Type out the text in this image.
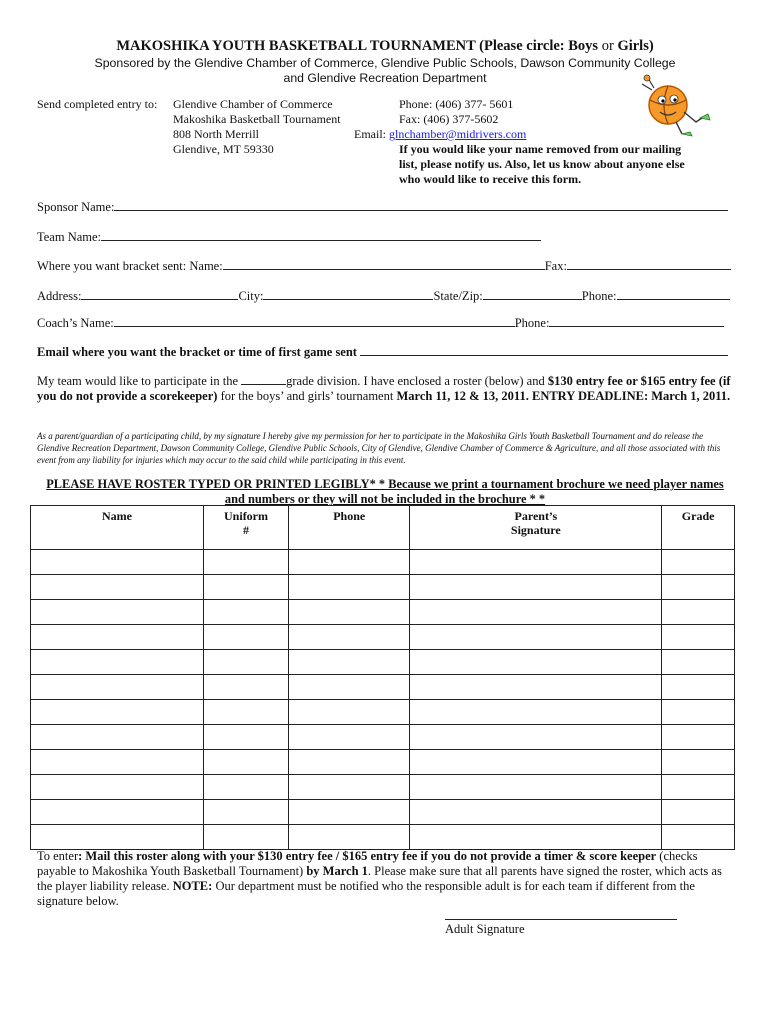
MAKOSHIKA YOUTH BASKETBALL TOURNAMENT (Please circle: Boys or Girls)
Sponsored by the Glendive Chamber of Commerce, Glendive Public Schools, Dawson Community College
and Glendive Recreation Department
Send completed entry to: Glendive Chamber of Commerce
Makoshika Basketball Tournament
808 North Merrill
Glendive, MT 59330
Phone: (406) 377- 5601
Fax: (406) 377-5602
Email: glnchamber@midrivers.com
If you would like your name removed from our mailing list, please notify us. Also, let us know about anyone else who would like to receive this form.
Sponsor Name:
Team Name:
Where you want bracket sent: Name:	Fax:
Address:	City:	State/Zip:	Phone:
Coach’s Name:	Phone:
Email where you want the bracket or time of first game sent
My team would like to participate in the	grade division. I have enclosed a roster (below) and $130 entry fee or $165 entry fee (if you do not provide a scorekeeper) for the boys’ and girls’ tournament March 11, 12 & 13, 2011. ENTRY DEADLINE: March 1, 2011.
As a parent/guardian of a participating child, by my signature I hereby give my permission for her to participate in the Makoshika Girls Youth Basketball Tournament and do release the Glendive Recreation Department, Dawson Community College, Glendive Public Schools, City of Glendive, Glendive Chamber of Commerce & Agriculture, and all those associated with this event from any liability for injuries which may occur to the said child while participating in this event.
PLEASE HAVE ROSTER TYPED OR PRINTED LEGIBLY* * Because we print a tournament brochure we need player names
and numbers or they will not be included in the brochure * *
Name	Uniform #	Phone	Parent’s Signature	Grade

To enter: Mail this roster along with your $130 entry fee / $165 entry fee if you do not provide a timer & score keeper (checks payable to Makoshika Youth Basketball Tournament) by March 1. Please make sure that all parents have signed the roster, which acts as the player liability release. NOTE: Our department must be notified who the responsible adult is for each team if different from the signature below.
Adult Signature
